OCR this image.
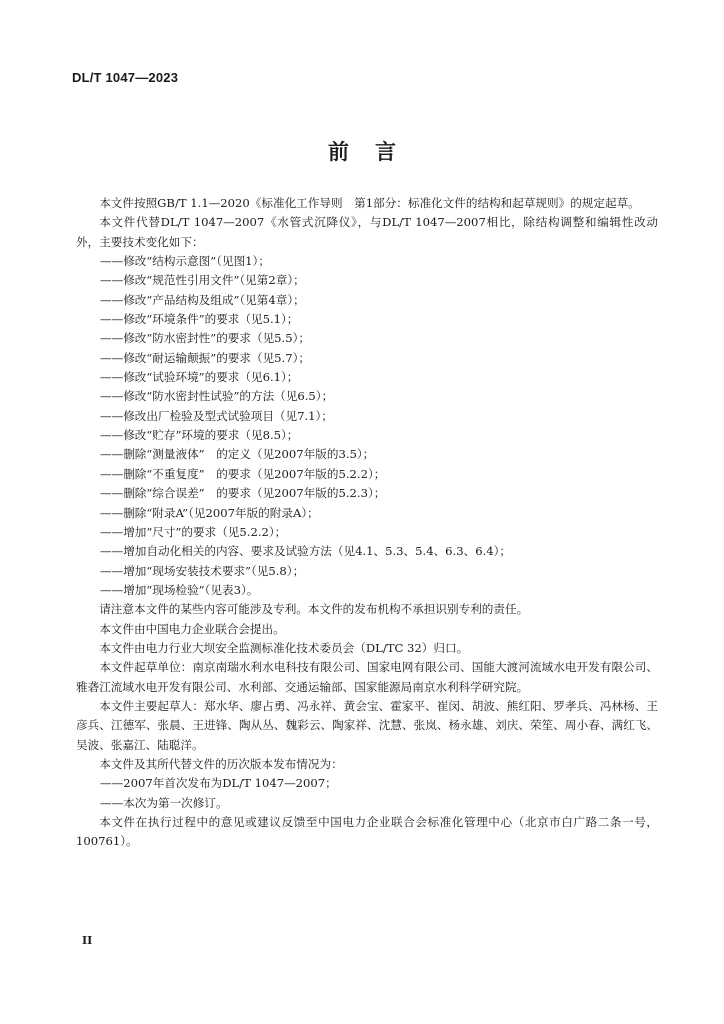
DL/T 1047—2023
前言

本文件按照GB/T 1.1—2020《标准化工作导则　第1部分：标准化文件的结构和起草规则》的规定起草。

本文件代替DL/T 1047—2007《水管式沉降仪》，与DL/T 1047—2007相比，除结构调整和编辑性改动外，主要技术变化如下：

——修改“结构示意图”（见图1）；

——修改“规范性引用文件”（见第2章）；

——修改“产品结构及组成”（见第4章）；

——修改“环境条件”的要求（见5.1）；

——修改“防水密封性”的要求（见5.5）；

——修改“耐运输颠振”的要求（见5.7）；

——修改“试验环境”的要求（见6.1）；

——修改“防水密封性试验”的方法（见6.5）；

——修改出厂检验及型式试验项目（见7.1）；

——修改“贮存”环境的要求（见8.5）；

——删除“测量液体”　的定义（见2007年版的3.5）；

——删除“不重复度”　的要求（见2007年版的5.2.2）；

——删除“综合误差”　的要求（见2007年版的5.2.3）；

——删除“附录A”（见2007年版的附录A）；

——增加“尺寸”的要求（见5.2.2）；

——增加自动化相关的内容、要求及试验方法（见4.1、5.3、5.4、6.3、6.4）；

——增加“现场安装技术要求”（见5.8）；

——增加“现场检验”（见表3）。

请注意本文件的某些内容可能涉及专利。本文件的发布机构不承担识别专利的责任。

本文件由中国电力企业联合会提出。

本文件由电力行业大坝安全监测标准化技术委员会（DL/TC 32）归口。

本文件起草单位：南京南瑞水利水电科技有限公司、国家电网有限公司、国能大渡河流域水电开发有限公司、雅砻江流域水电开发有限公司、水利部、交通运输部、国家能源局南京水利科学研究院。

本文件主要起草人：郑水华、廖占勇、冯永祥、黄会宝、霍家平、崔闵、胡波、熊红阳、罗孝兵、冯林杨、王彦兵、江德军、张晨、王进锋、陶从丛、魏彩云、陶家祥、沈慧、张岚、杨永雄、刘庆、荣笙、周小春、满红飞、吴波、张嘉江、陆聪洋。

本文件及其所代替文件的历次版本发布情况为：

——2007年首次发布为DL/T 1047—2007；

——本次为第一次修订。

本文件在执行过程中的意见或建议反馈至中国电力企业联合会标准化管理中心（北京市白广路二条一号，100761）。

II
